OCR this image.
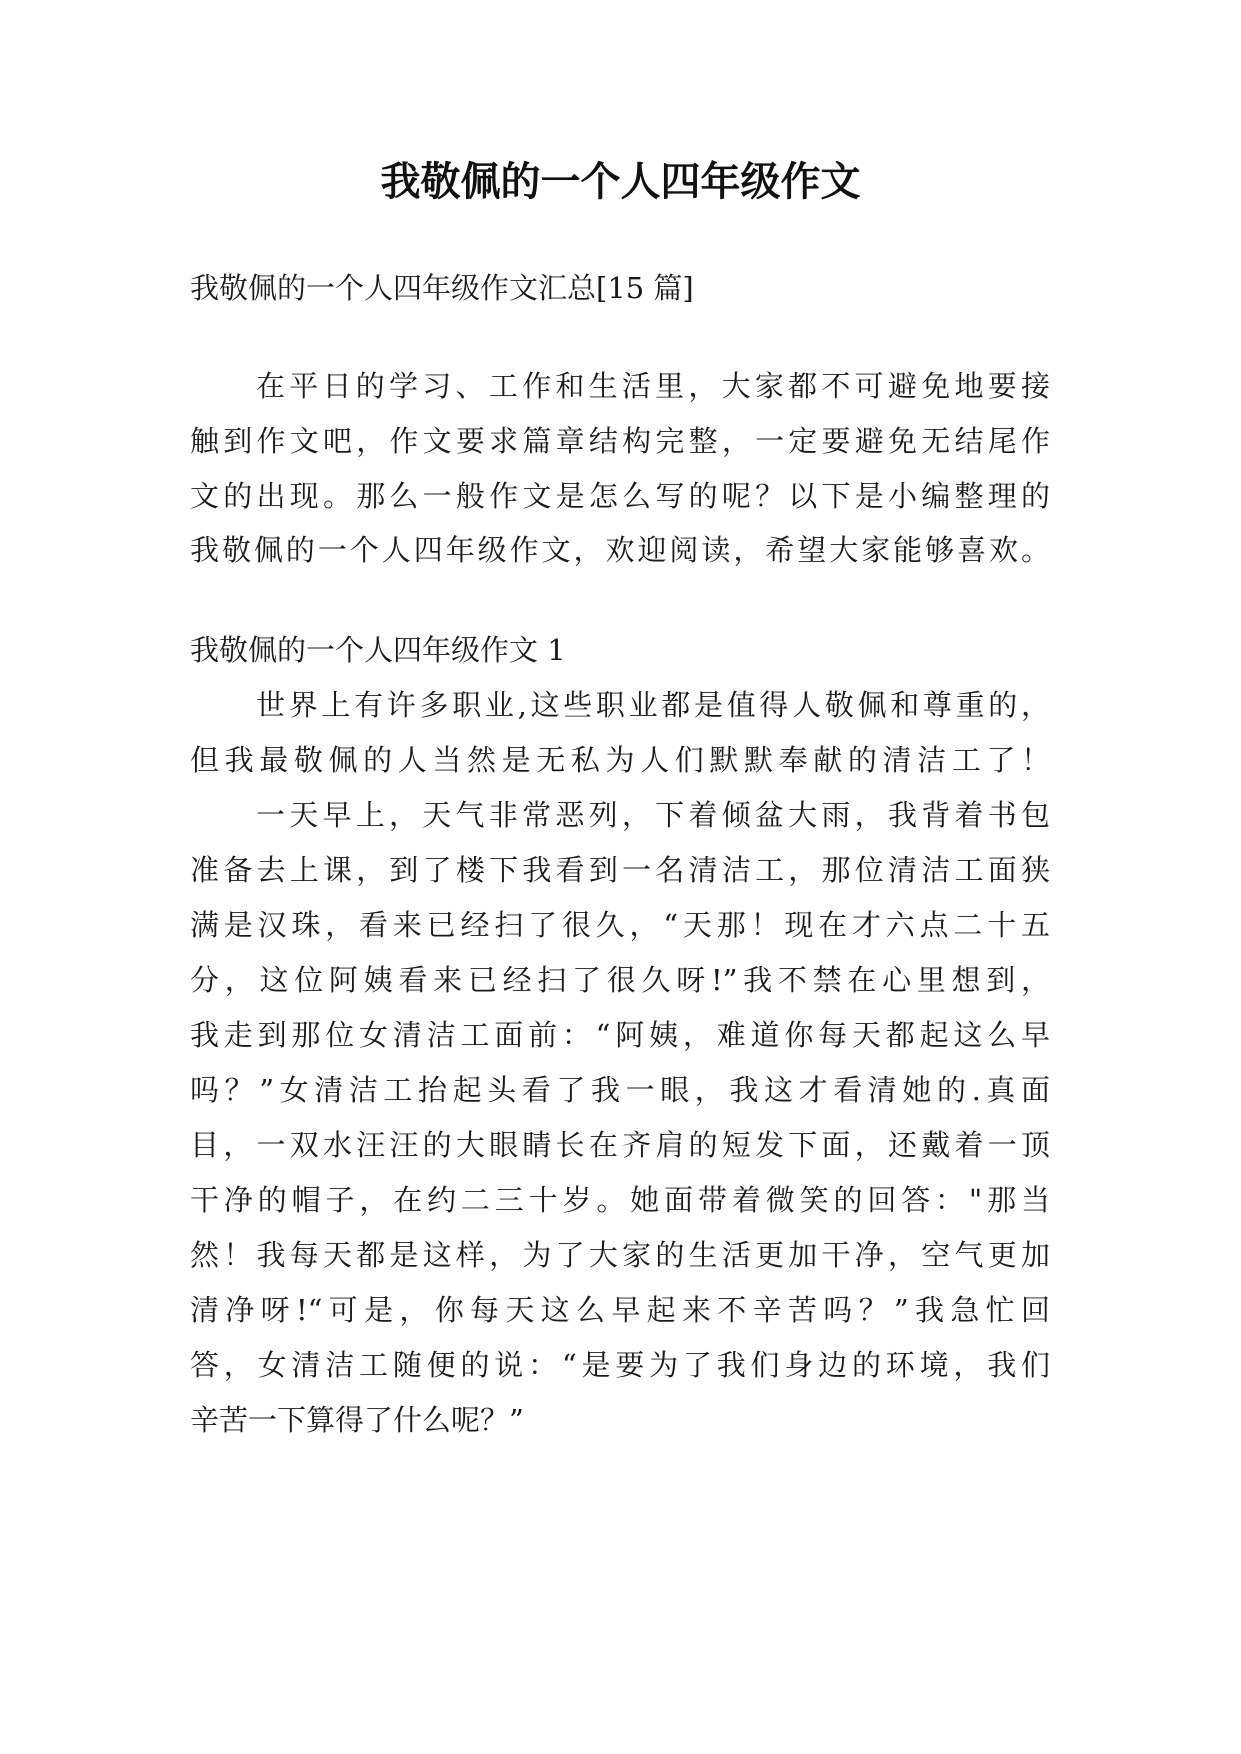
我敬佩的一个人四年级作文
我敬佩的一个人四年级作文汇总[15 篇]
在平日的学习、工作和生活里，大家都不可避免地要接
触到作文吧，作文要求篇章结构完整，一定要避免无结尾作
文的出现。那么一般作文是怎么写的呢？以下是小编整理的
我敬佩的一个人四年级作文，欢迎阅读，希望大家能够喜欢。
我敬佩的一个人四年级作文 1
世界上有许多职业,这些职业都是值得人敬佩和尊重的，
但我最敬佩的人当然是无私为人们默默奉献的清洁工了！
一天早上，天气非常恶列，下着倾盆大雨，我背着书包
准备去上课，到了楼下我看到一名清洁工，那位清洁工面狭
满是汉珠，看来已经扫了很久，“天那！现在才六点二十五
分，这位阿姨看来已经扫了很久呀!”我不禁在心里想到，
我走到那位女清洁工面前：“阿姨，难道你每天都起这么早
吗？”女清洁工抬起头看了我一眼，我这才看清她的.真面
目，一双水汪汪的大眼睛长在齐肩的短发下面，还戴着一顶
干净的帽子，在约二三十岁。她面带着微笑的回答："那当
然！我每天都是这样，为了大家的生活更加干净，空气更加
清净呀!“可是，你每天这么早起来不辛苦吗？”我急忙回
答，女清洁工随便的说：“是要为了我们身边的环境，我们
辛苦一下算得了什么呢？”
